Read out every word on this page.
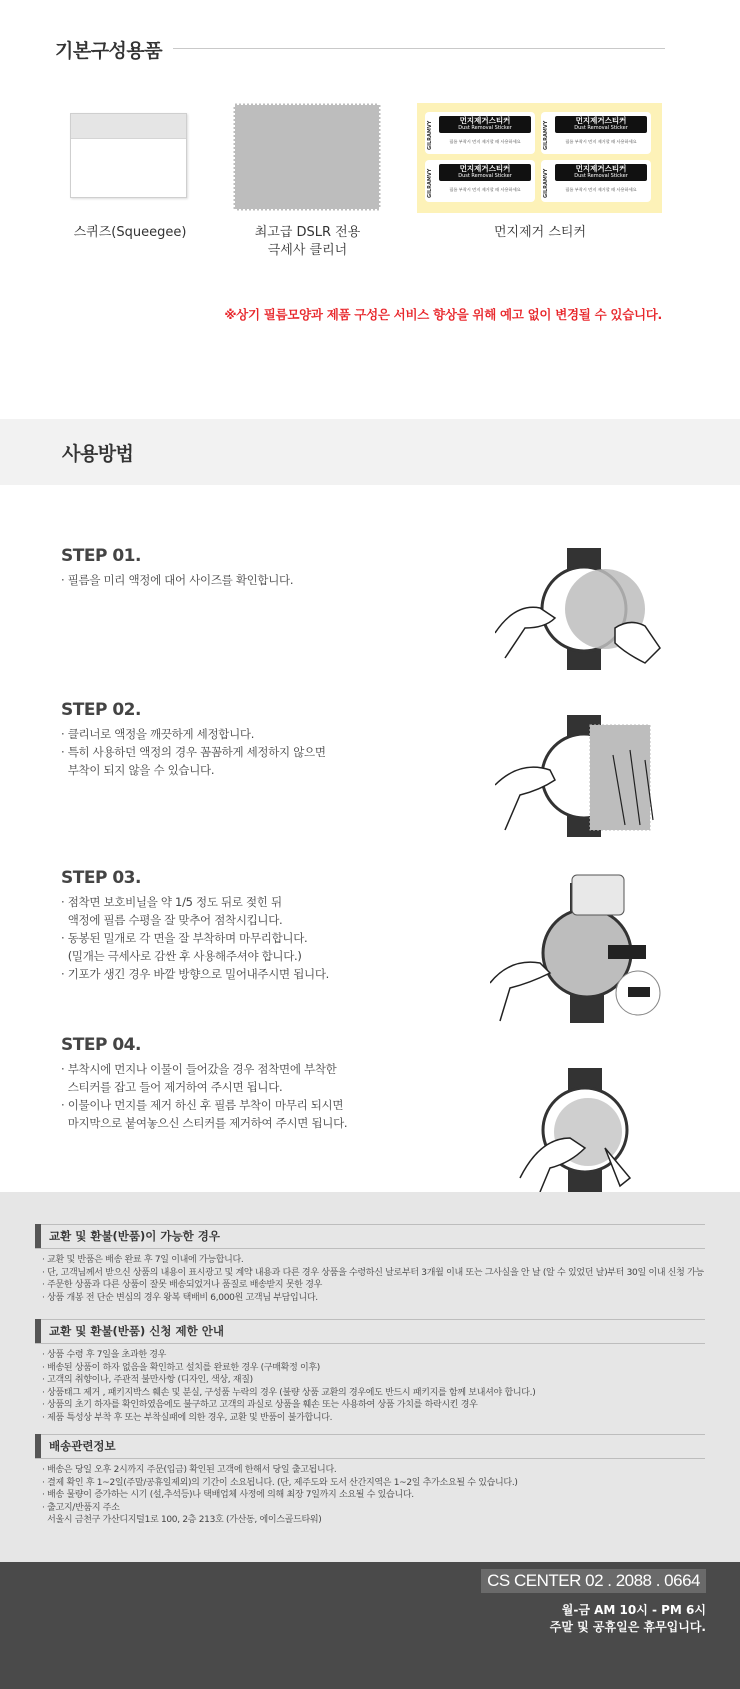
기본구성용품
스퀴즈(Squeegee)	최고급 DSLR 전용
극세사 클리너
GILRAMVY
먼지제거스티커
Dust Removal Sticker
필름 부착시 먼지 제거할 때 사용하세요	GILRAMVY
먼지제거스티커
Dust Removal Sticker
필름 부착시 먼지 제거할 때 사용하세요
GILRAMVY
먼지제거스티커
Dust Removal Sticker
필름 부착시 먼지 제거할 때 사용하세요	GILRAMVY
먼지제거스티커
Dust Removal Sticker
필름 부착시 먼지 제거할 때 사용하세요
먼지제거 스티커
※상기 필름모양과 제품 구성은 서비스 향상을 위해 예고 없이 변경될 수 있습니다.
사용방법
STEP 01.
· 필름을 미리 액정에 대어 사이즈를 확인합니다.
STEP 02.
· 클리너로 액정을 깨끗하게 세정합니다.
· 특히 사용하던 액정의 경우 꼼꼼하게 세정하지 않으면
부착이 되지 않을 수 있습니다.
STEP 03.
· 점착면 보호비닐을 약 1/5 정도 뒤로 젖힌 뒤
액정에 필름 수평을 잘 맞추어 점착시킵니다.
· 동봉된 밀개로 각 면을 잘 부착하며 마무리합니다.
(밀개는 극세사로 감싼 후 사용해주셔야 합니다.)
· 기포가 생긴 경우 바깥 방향으로 밀어내주시면 됩니다.
STEP 04.
· 부착시에 먼지나 이물이 들어갔을 경우 점착면에 부착한
스티커를 잡고 들어 제거하여 주시면 됩니다.
· 이물이나 먼지를 제거 하신 후 필름 부착이 마무리 되시면
마지막으로 붙여놓으신 스티커를 제거하여 주시면 됩니다.
교환 및 환불(반품)이 가능한 경우
· 교환 및 반품은 배송 완료 후 7일 이내에 가능합니다.
· 단, 고객님께서 받으신 상품의 내용이 표시광고 및 계약 내용과 다른 경우 상품을 수령하신 날로부터 3개월 이내 또는 그사실을 안 날 (알 수 있었던 날)부터 30일 이내 신청 가능
· 주문한 상품과 다른 상품이 잘못 배송되었거나 품질로 배송받지 못한 경우
· 상품 개봉 전 단순 변심의 경우 왕복 택배비 6,000원 고객님 부담입니다.
교환 및 환불(반품) 신청 제한 안내
· 상품 수령 후 7일을 초과한 경우
· 배송된 상품이 하자 없음을 확인하고 설치를 완료한 경우 (구매확정 이후)
· 고객의 취향이나, 주관적 불만사항 (디자인, 색상, 재질)
· 상품태그 제거 , 패키지박스 훼손 및 분실, 구성품 누락의 경우 (불량 상품 교환의 경우에도 반드시 패키지를 함께 보내셔야 합니다.)
· 상품의 초기 하자를 확인하였음에도 불구하고 고객의 과실로 상품을 훼손 또는 사용하여 상품 가치를 하락시킨 경우
· 제품 특성상 부착 후 또는 부착실패에 의한 경우, 교환 및 반품이 불가합니다.
배송관련정보
· 배송은 당일 오후 2시까지 주문(입금) 확인된 고객에 한해서 당일 출고됩니다.
· 결제 확인 후 1~2일(주말/공휴일제외)의 기간이 소요됩니다. (단, 제주도와 도서 산간지역은 1~2일 추가소요될 수 있습니다.)
· 배송 물량이 증가하는 시기 (설,추석등)나 택배업체 사정에 의해 최장 7일까지 소요될 수 있습니다.
· 출고지/반품지 주소
서울시 금천구 가산디지털1로 100, 2층 213호 (가산동, 에이스골드타워)
CS CENTER 02 . 2088 . 0664
월-금 AM 10시 - PM 6시
주말 및 공휴일은 휴무입니다.
